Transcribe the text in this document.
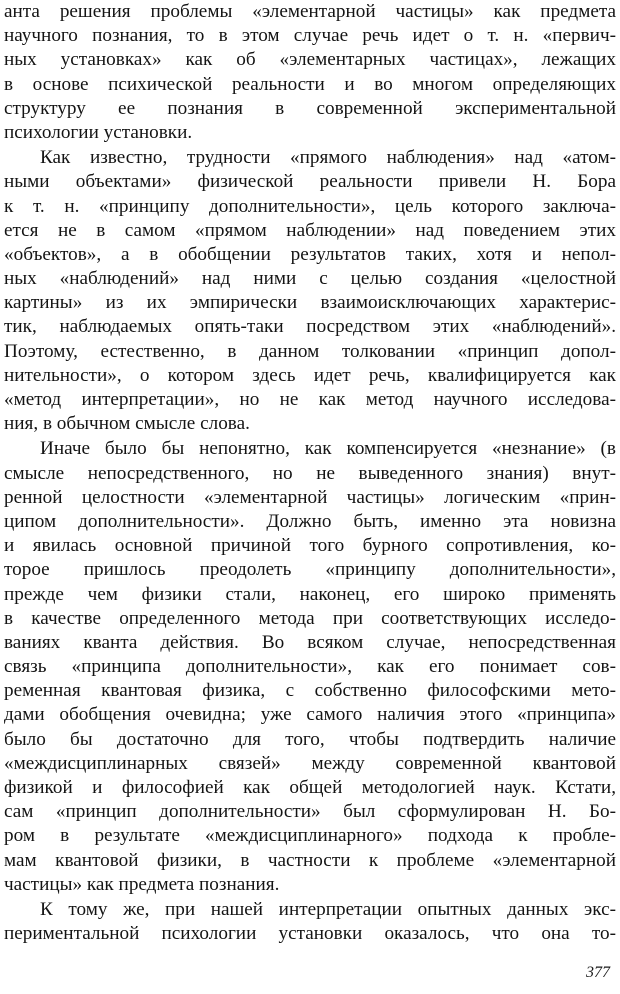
анта решения проблемы «элементарной частицы» как предмета
научного познания, то в этом случае речь идет о т. н. «первич-
ных установках» как об «элементарных частицах», лежащих
в основе психической реальности и во многом определяющих
структуру ее познания в современной экспериментальной
психологии установки.
Как известно, трудности «прямого наблюдения» над «атом-
ными объектами» физической реальности привели Н. Бора
к т. н. «принципу дополнительности», цель которого заключа-
ется не в самом «прямом наблюдении» над поведением этих
«объектов», а в обобщении результатов таких, хотя и непол-
ных «наблюдений» над ними с целью создания «целостной
картины» из их эмпирически взаимоисключающих характерис-
тик, наблюдаемых опять-таки посредством этих «наблюдений».
Поэтому, естественно, в данном толковании «принцип допол-
нительности», о котором здесь идет речь, квалифицируется как
«метод интерпретации», но не как метод научного исследова-
ния, в обычном смысле слова.
Иначе было бы непонятно, как компенсируется «незнание» (в
смысле непосредственного, но не выведенного знания) внут-
ренной целостности «элементарной частицы» логическим «прин-
ципом дополнительности». Должно быть, именно эта новизна
и явилась основной причиной того бурного сопротивления, ко-
торое пришлось преодолеть «принципу дополнительности»,
прежде чем физики стали, наконец, его широко применять
в качестве определенного метода при соответствующих исследо-
ваниях кванта действия. Во всяком случае, непосредственная
связь «принципа дополнительности», как его понимает сов-
ременная квантовая физика, с собственно философскими мето-
дами обобщения очевидна; уже самого наличия этого «принципа»
было бы достаточно для того, чтобы подтвердить наличие
«междисциплинарных связей» между современной квантовой
физикой и философией как общей методологией наук. Кстати,
сам «принцип дополнительности» был сформулирован Н. Бо-
ром в результате «междисциплинарного» подхода к пробле-
мам квантовой физики, в частности к проблеме «элементарной
частицы» как предмета познания.
К тому же, при нашей интерпретации опытных данных экс-
периментальной психологии установки оказалось, что она то-
377
